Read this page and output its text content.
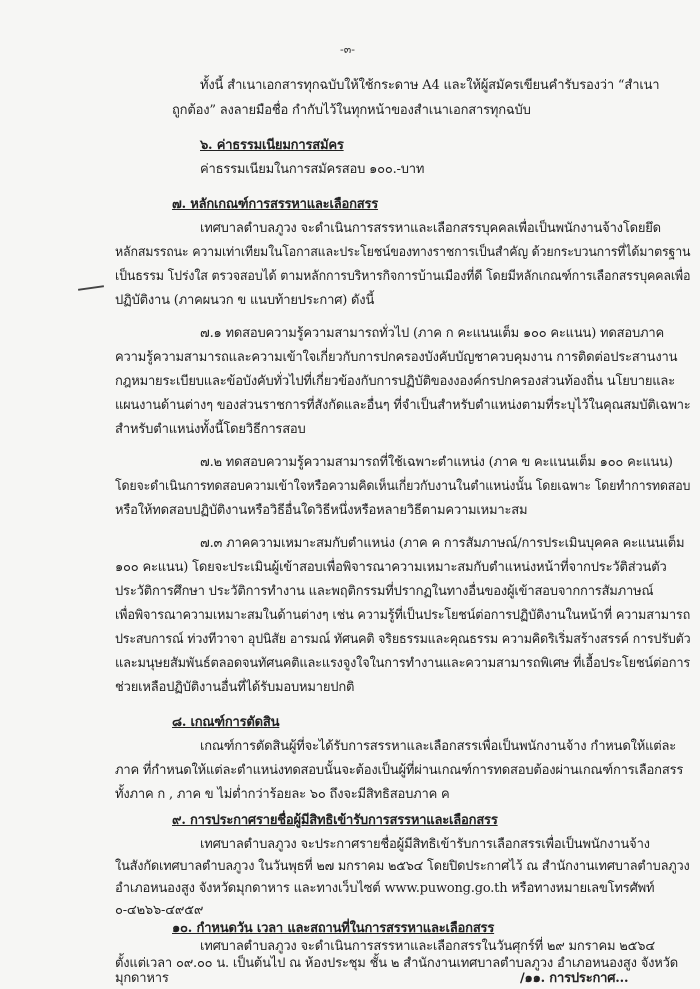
-๓-
ทั้งนี้ สำเนาเอกสารทุกฉบับให้ใช้กระดาษ A4 และให้ผู้สมัครเขียนคำรับรองว่า “สำเนา
ถูกต้อง” ลงลายมือชื่อ กำกับไว้ในทุกหน้าของสำเนาเอกสารทุกฉบับ
๖. ค่าธรรมเนียมการสมัคร
ค่าธรรมเนียมในการสมัครสอบ ๑๐๐.-บาท
๗. หลักเกณฑ์การสรรหาและเลือกสรร
เทศบาลตำบลภูวง จะดำเนินการสรรหาและเลือกสรรบุคคลเพื่อเป็นพนักงานจ้างโดยยึด
หลักสมรรถนะ ความเท่าเทียมในโอกาสและประโยชน์ของทางราชการเป็นสำคัญ ด้วยกระบวนการที่ได้มาตรฐาน
เป็นธรรม โปร่งใส ตรวจสอบได้ ตามหลักการบริหารกิจการบ้านเมืองที่ดี โดยมีหลักเกณฑ์การเลือกสรรบุคคลเพื่อ
ปฏิบัติงาน (ภาคผนวก ข แนบท้ายประกาศ) ดังนี้
๗.๑ ทดสอบความรู้ความสามารถทั่วไป (ภาค ก คะแนนเต็ม ๑๐๐ คะแนน) ทดสอบภาค
ความรู้ความสามารถและความเข้าใจเกี่ยวกับการปกครองบังคับบัญชาควบคุมงาน การติดต่อประสานงาน
กฎหมายระเบียบและข้อบังคับทั่วไปที่เกี่ยวข้องกับการปฏิบัติของงองค์กรปกครองส่วนท้องถิ่น นโยบายและ
แผนงานด้านต่างๆ ของส่วนราชการที่สังกัดและอื่นๆ ที่จำเป็นสำหรับตำแหน่งตามที่ระบุไว้ในคุณสมบัติเฉพาะ
สำหรับตำแหน่งทั้งนี้โดยวิธีการสอบ
๗.๒ ทดสอบความรู้ความสามารถที่ใช้เฉพาะตำแหน่ง (ภาค ข คะแนนเต็ม ๑๐๐ คะแนน)
โดยจะดำเนินการทดสอบความเข้าใจหรือความคิดเห็นเกี่ยวกับงานในตำแหน่งนั้น โดยเฉพาะ โดยทำการทดสอบ
หรือให้ทดสอบปฏิบัติงานหรือวิธีอื่นใดวิธีหนึ่งหรือหลายวิธีตามความเหมาะสม
๗.๓ ภาคความเหมาะสมกับตำแหน่ง (ภาค ค การสัมภาษณ์/การประเมินบุคคล คะแนนเต็ม
๑๐๐ คะแนน) โดยจะประเมินผู้เข้าสอบเพื่อพิจารณาความเหมาะสมกับตำแหน่งหน้าที่จากประวัติส่วนตัว
ประวัติการศึกษา ประวัติการทำงาน และพฤติกรรมที่ปรากฏในทางอื่นของผู้เข้าสอบจากการสัมภาษณ์
เพื่อพิจารณาความเหมาะสมในด้านต่างๆ เช่น ความรู้ที่เป็นประโยชน์ต่อการปฏิบัติงานในหน้าที่ ความสามารถ
ประสบการณ์ ท่วงทีวาจา อุปนิสัย อารมณ์ ทัศนคติ จริยธรรมและคุณธรรม ความคิดริเริ่มสร้างสรรค์ การปรับตัว
และมนุษยสัมพันธ์ตลอดจนทัศนคติและแรงจูงใจในการทำงานและความสามารถพิเศษ ที่เอื้อประโยชน์ต่อการ
ช่วยเหลือปฏิบัติงานอื่นที่ได้รับมอบหมายปกติ
๘. เกณฑ์การตัดสิน
เกณฑ์การตัดสินผู้ที่จะได้รับการสรรหาและเลือกสรรเพื่อเป็นพนักงานจ้าง กำหนดให้แต่ละ
ภาค ที่กำหนดให้แต่ละตำแหน่งทดสอบนั้นจะต้องเป็นผู้ที่ผ่านเกณฑ์การทดสอบต้องผ่านเกณฑ์การเลือกสรร
ทั้งภาค ก , ภาค ข ไม่ต่ำกว่าร้อยละ ๖๐ ถึงจะมีสิทธิสอบภาค ค
๙. การประกาศรายชื่อผู้มีสิทธิเข้ารับการสรรหาและเลือกสรร
เทศบาลตำบลภูวง จะประกาศรายชื่อผู้มีสิทธิเข้ารับการเลือกสรรเพื่อเป็นพนักงานจ้าง
ในสังกัดเทศบาลตำบลภูวง ในวันพุธที่ ๒๗ มกราคม ๒๕๖๔ โดยปิดประกาศไว้ ณ สำนักงานเทศบาลตำบลภูวง
อำเภอหนองสูง จังหวัดมุกดาหาร และทางเว็บไซต์ www.puwong.go.th หรือทางหมายเลขโทรศัพท์
๐-๔๒๖๖-๔๙๕๙
๑๐. กำหนดวัน เวลา และสถานที่ในการสรรหาและเลือกสรร
เทศบาลตำบลภูวง จะดำเนินการสรรหาและเลือกสรรในวันศุกร์ที่ ๒๙ มกราคม ๒๕๖๔
ตั้งแต่เวลา ๐๙.๐๐ น. เป็นต้นไป ณ ห้องประชุม ชั้น ๒ สำนักงานเทศบาลตำบลภูวง อำเภอหนองสูง จังหวัด
มุกดาหาร	/๑๑. การประกาศ...
